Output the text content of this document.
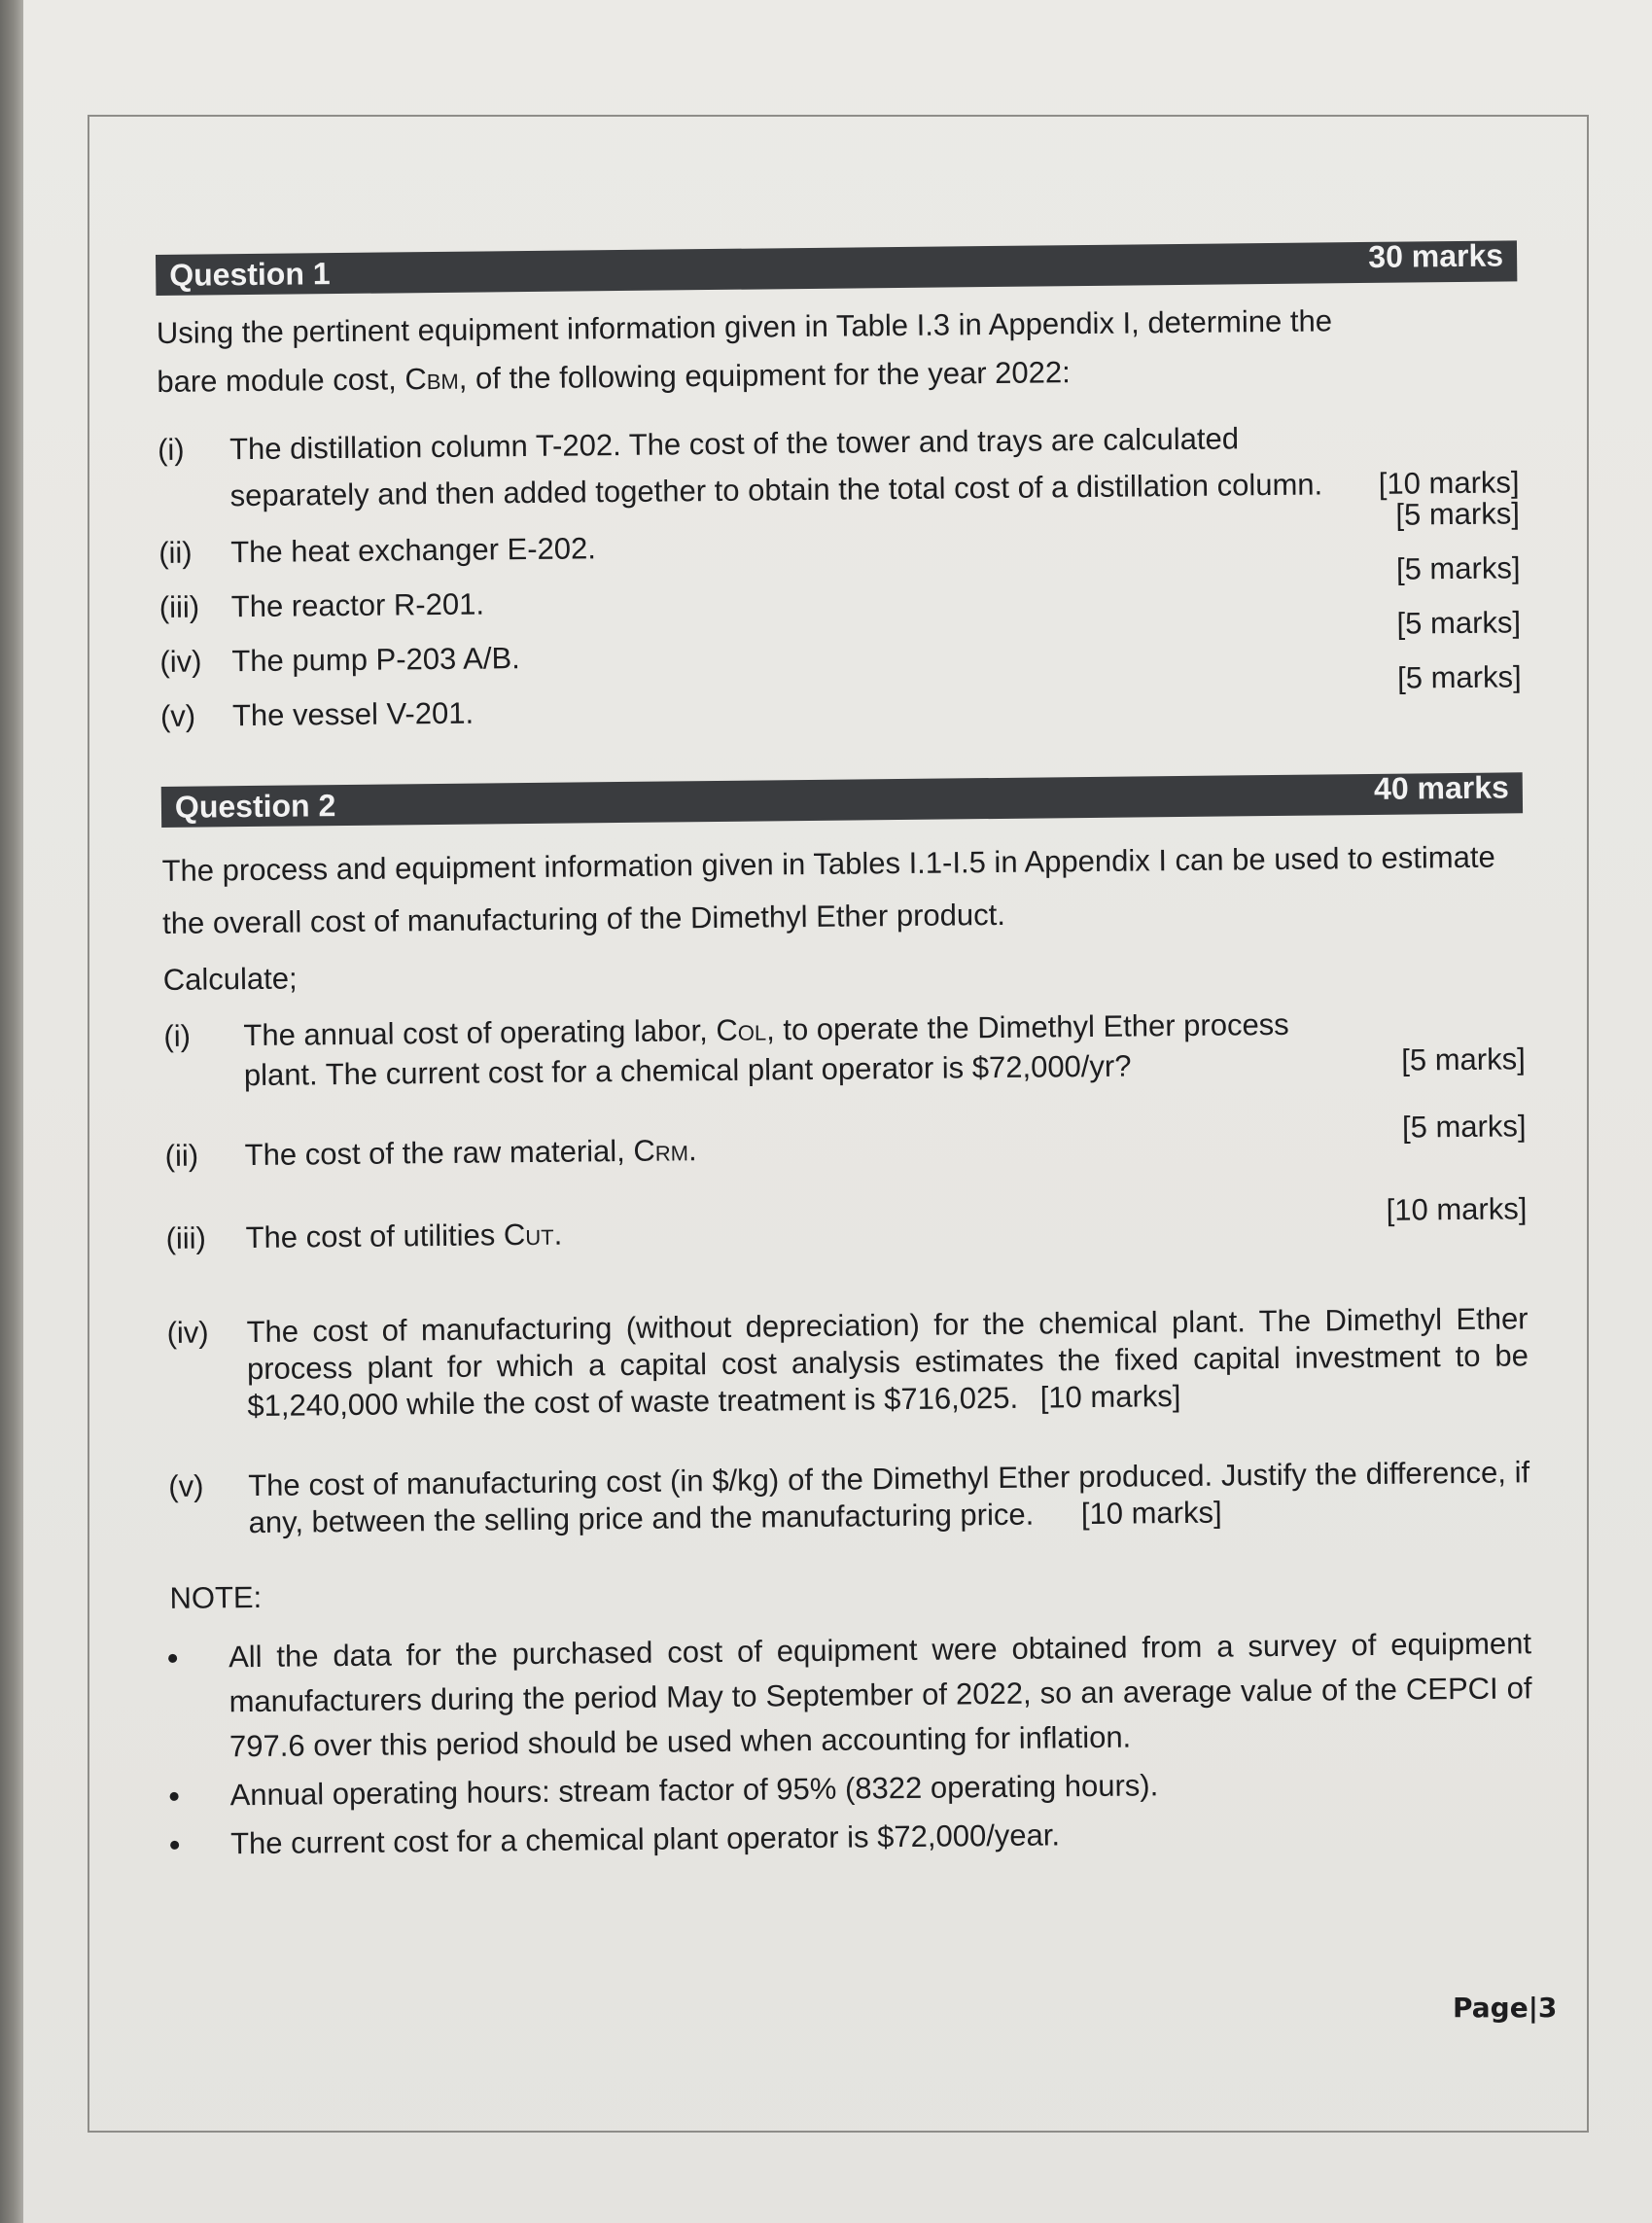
Question 1	30 marks

Using the pertinent equipment information given in Table I.3 in Appendix I, determine the

bare module cost, CBM, of the following equipment for the year 2022:

(i) The distillation column T-202. The cost of the tower and trays are calculated separately and then added together to obtain the total cost of a distillation column. [10 marks]
(ii) The heat exchanger E-202.
[5 marks]
(iii) The reactor R-201.
[5 marks]
(iv) The pump P-203 A/B.
[5 marks]
(v) The vessel V-201.
[5 marks]
Question 2	40 marks

The process and equipment information given in Tables I.1-I.5 in Appendix I can be used to estimate the overall cost of manufacturing of the Dimethyl Ether product.

Calculate;

(i) The annual cost of operating labor, COL, to operate the Dimethyl Ether process plant. The current cost for a chemical plant operator is $72,000/yr?	[5 marks]
(ii) The cost of the raw material, CRM.
[5 marks]
(iii) The cost of utilities CUT.
[10 marks]
(iv) The cost of manufacturing (without depreciation) for the chemical plant. The Dimethyl Ether process plant for which a capital cost analysis estimates the fixed capital investment to be $1,240,000 while the cost of waste treatment is $716,025. [10 marks]
(v) The cost of manufacturing cost (in $/kg) of the Dimethyl Ether produced. Justify the difference, if any, between the selling price and the manufacturing price. [10 marks]
NOTE:
All the data for the purchased cost of equipment were obtained from a survey of equipment manufacturers during the period May to September of 2022, so an average value of the CEPCI of 797.6 over this period should be used when accounting for inflation.
Annual operating hours: stream factor of 95% (8322 operating hours).
The current cost for a chemical plant operator is $72,000/year.
Page|3
